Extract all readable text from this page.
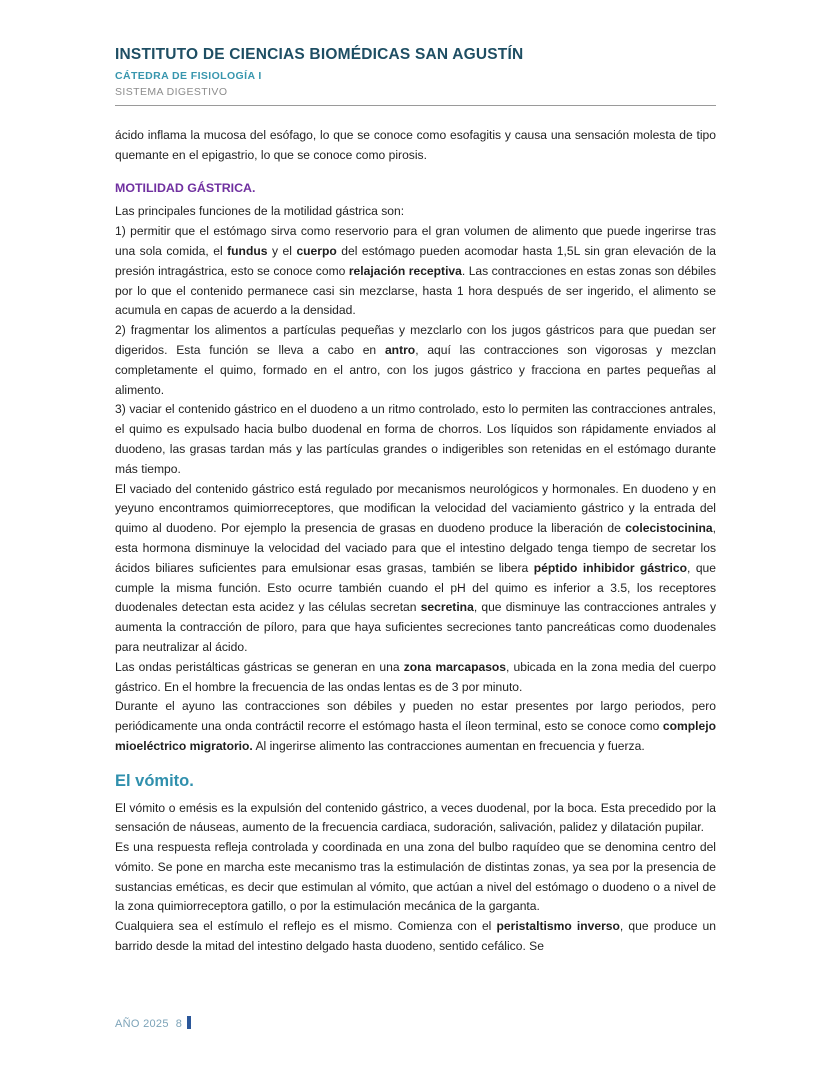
INSTITUTO DE CIENCIAS BIOMÉDICAS SAN AGUSTÍN
CÁTEDRA DE FISIOLOGÍA I
SISTEMA DIGESTIVO

ácido inflama la mucosa del esófago, lo que se conoce como esofagitis y causa una sensación molesta de tipo quemante en el epigastrio, lo que se conoce como pirosis.

MOTILIDAD GÁSTRICA.

Las principales funciones de la motilidad gástrica son:

1) permitir que el estómago sirva como reservorio para el gran volumen de alimento que puede ingerirse tras una sola comida, el fundus y el cuerpo del estómago pueden acomodar hasta 1,5L sin gran elevación de la presión intragástrica, esto se conoce como relajación receptiva. Las contracciones en estas zonas son débiles por lo que el contenido permanece casi sin mezclarse, hasta 1 hora después de ser ingerido, el alimento se acumula en capas de acuerdo a la densidad.

2) fragmentar los alimentos a partículas pequeñas y mezclarlo con los jugos gástricos para que puedan ser digeridos. Esta función se lleva a cabo en antro, aquí las contracciones son vigorosas y mezclan completamente el quimo, formado en el antro, con los jugos gástrico y fracciona en partes pequeñas al alimento.

3) vaciar el contenido gástrico en el duodeno a un ritmo controlado, esto lo permiten las contracciones antrales, el quimo es expulsado hacia bulbo duodenal en forma de chorros. Los líquidos son rápidamente enviados al duodeno, las grasas tardan más y las partículas grandes o indigeribles son retenidas en el estómago durante más tiempo.

El vaciado del contenido gástrico está regulado por mecanismos neurológicos y hormonales. En duodeno y en yeyuno encontramos quimiorreceptores, que modifican la velocidad del vaciamiento gástrico y la entrada del quimo al duodeno. Por ejemplo la presencia de grasas en duodeno produce la liberación de colecistocinina, esta hormona disminuye la velocidad del vaciado para que el intestino delgado tenga tiempo de secretar los ácidos biliares suficientes para emulsionar esas grasas, también se libera péptido inhibidor gástrico, que cumple la misma función. Esto ocurre también cuando el pH del quimo es inferior a 3.5, los receptores duodenales detectan esta acidez y las células secretan secretina, que disminuye las contracciones antrales y aumenta la contracción de píloro, para que haya suficientes secreciones tanto pancreáticas como duodenales para neutralizar al ácido.

Las ondas peristálticas gástricas se generan en una zona marcapasos, ubicada en la zona media del cuerpo gástrico. En el hombre la frecuencia de las ondas lentas es de 3 por minuto.

Durante el ayuno las contracciones son débiles y pueden no estar presentes por largo periodos, pero periódicamente una onda contráctil recorre el estómago hasta el íleon terminal, esto se conoce como complejo mioeléctrico migratorio. Al ingerirse alimento las contracciones aumentan en frecuencia y fuerza.

El vómito.

El vómito o emésis es la expulsión del contenido gástrico, a veces duodenal, por la boca. Esta precedido por la sensación de náuseas, aumento de la frecuencia cardiaca, sudoración, salivación, palidez y dilatación pupilar.

Es una respuesta refleja controlada y coordinada en una zona del bulbo raquídeo que se denomina centro del vómito. Se pone en marcha este mecanismo tras la estimulación de distintas zonas, ya sea por la presencia de sustancias eméticas, es decir que estimulan al vómito, que actúan a nivel del estómago o duodeno o a nivel de la zona quimiorreceptora gatillo, o por la estimulación mecánica de la garganta.

Cualquiera sea el estímulo el reflejo es el mismo. Comienza con el peristaltismo inverso, que produce un barrido desde la mitad del intestino delgado hasta duodeno, sentido cefálico. Se

AÑO 2025 8
